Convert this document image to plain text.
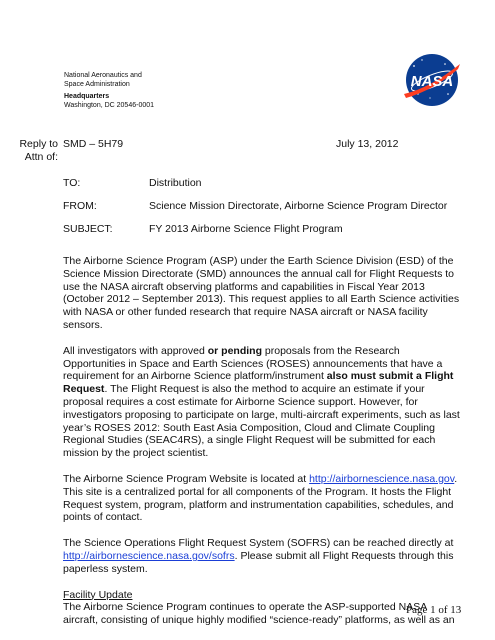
National Aeronautics and
Space Administration
Headquarters
Washington, DC 20546-0001
NASA
Reply to
Attn of:
SMD – 5H79	July 13, 2012
TO:	Distribution
FROM:	Science Mission Directorate, Airborne Science Program Director
SUBJECT:	FY 2013 Airborne Science Flight Program

The Airborne Science Program (ASP) under the Earth Science Division (ESD) of the Science Mission Directorate (SMD) announces the annual call for Flight Requests to use the NASA aircraft observing platforms and capabilities in Fiscal Year 2013 (October 2012 – September 2013). This request applies to all Earth Science activities with NASA or other funded research that require NASA aircraft or NASA facility sensors.

All investigators with approved or pending proposals from the Research Opportunities in Space and Earth Sciences (ROSES) announcements that have a requirement for an Airborne Science platform/instrument also must submit a Flight Request. The Flight Request is also the method to acquire an estimate if your proposal requires a cost estimate for Airborne Science support. However, for investigators proposing to participate on large, multi-aircraft experiments, such as last year’s ROSES 2012: South East Asia Composition, Cloud and Climate Coupling Regional Studies (SEAC4RS), a single Flight Request will be submitted for each mission by the project scientist.

The Airborne Science Program Website is located at http://airbornescience.nasa.gov. This site is a centralized portal for all components of the Program. It hosts the Flight Request system, program, platform and instrumentation capabilities, schedules, and points of contact.

The Science Operations Flight Request System (SOFRS) can be reached directly at http://airbornescience.nasa.gov/sofrs. Please submit all Flight Requests through this paperless system.

Facility Update
The Airborne Science Program continues to operate the ASP-supported NASA aircraft, consisting of unique highly modified “science-ready” platforms, as well as an

Page 1 of 13
